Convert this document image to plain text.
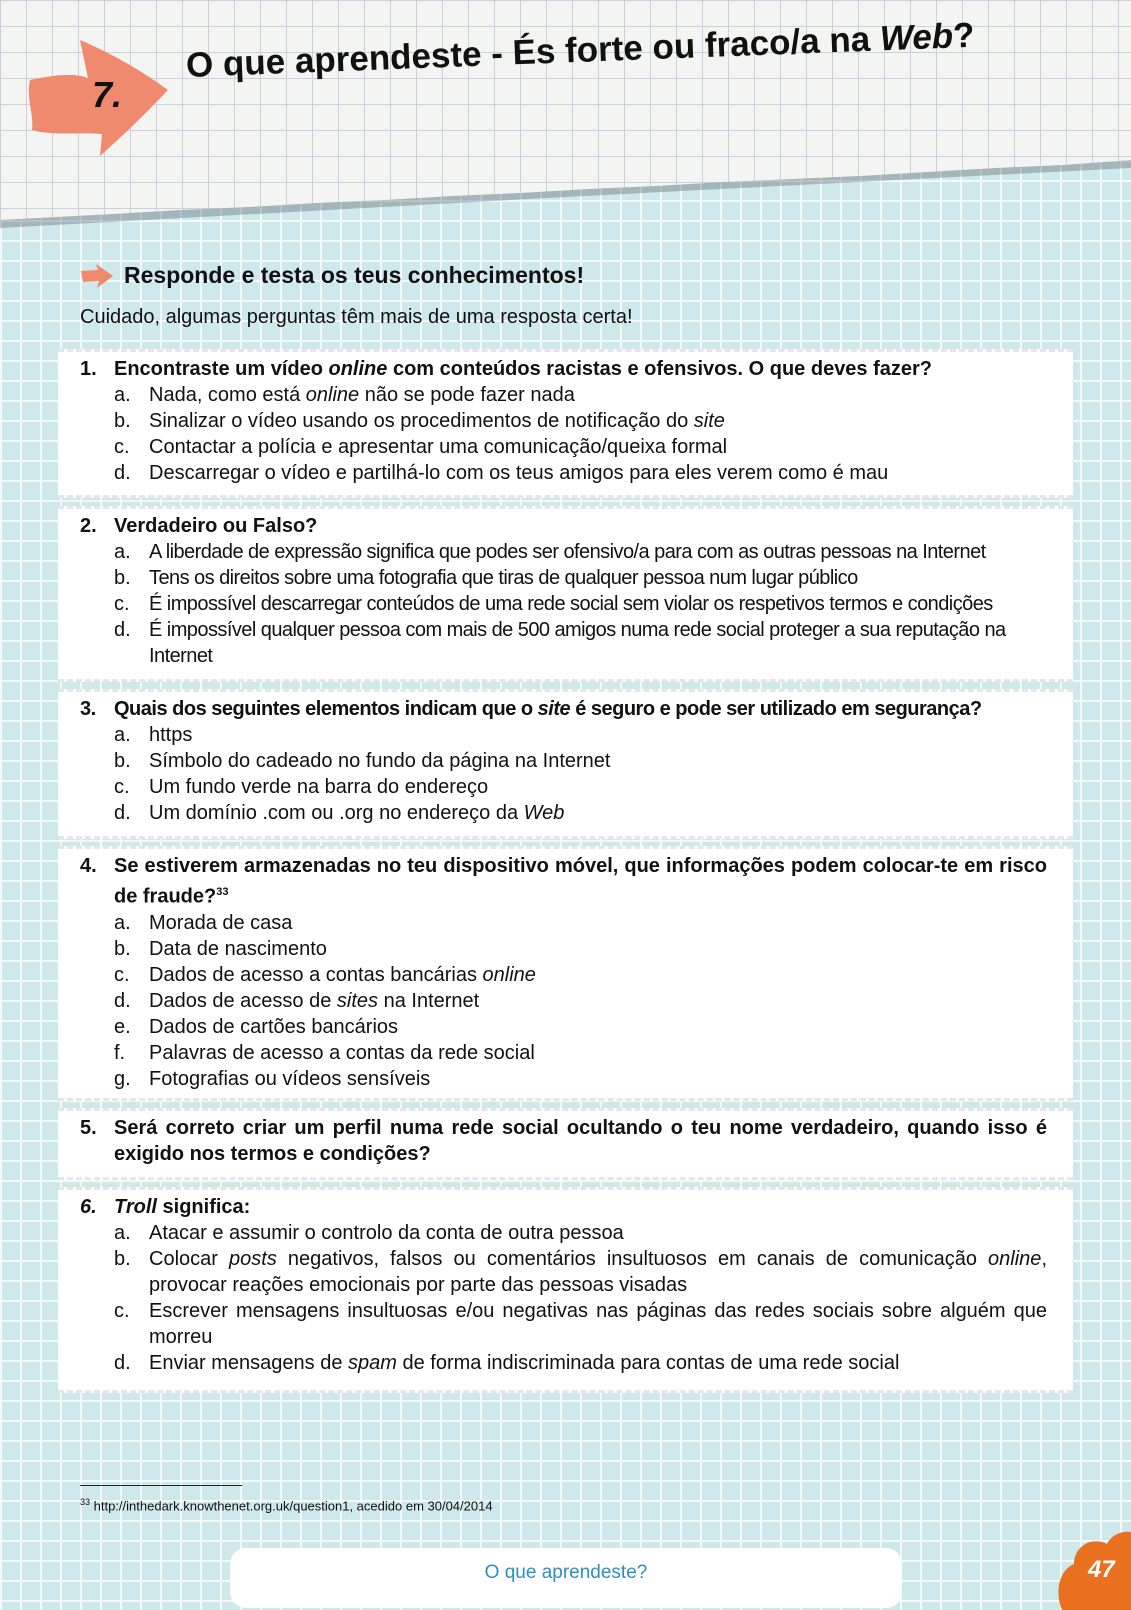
7.
O que aprendeste - És forte ou fraco/a na Web?
Responde e testa os teus conhecimentos!
Cuidado, algumas perguntas têm mais de uma resposta certa!
1. Encontraste um vídeo online com conteúdos racistas e ofensivos. O que deves fazer?
a. Nada, como está online não se pode fazer nada
b. Sinalizar o vídeo usando os procedimentos de notificação do site
c. Contactar a polícia e apresentar uma comunicação/queixa formal
d. Descarregar o vídeo e partilhá-lo com os teus amigos para eles verem como é mau
2. Verdadeiro ou Falso?
a. A liberdade de expressão significa que podes ser ofensivo/a para com as outras pessoas na Internet
b. Tens os direitos sobre uma fotografia que tiras de qualquer pessoa num lugar público
c. É impossível descarregar conteúdos de uma rede social sem violar os respetivos termos e condições
d. É impossível qualquer pessoa com mais de 500 amigos numa rede social proteger a sua reputação na Internet
3. Quais dos seguintes elementos indicam que o site é seguro e pode ser utilizado em segurança?
a. https
b. Símbolo do cadeado no fundo da página na Internet
c. Um fundo verde na barra do endereço
d. Um domínio .com ou .org no endereço da Web
4. Se estiverem armazenadas no teu dispositivo móvel, que informações podem colocar-te em risco de fraude?$^{33}$
a. Morada de casa
b. Data de nascimento
c. Dados de acesso a contas bancárias online
d. Dados de acesso de sites na Internet
e. Dados de cartões bancários
f.	Palavras de acesso a contas da rede social
g. Fotografias ou vídeos sensíveis
5. Será correto criar um perfil numa rede social ocultando o teu nome verdadeiro, quando isso é exigido nos termos e condições?
6. Troll significa:
a. Atacar e assumir o controlo da conta de outra pessoa
b. Colocar posts negativos, falsos ou comentários insultuosos em canais de comunicação online, provocar reações emocionais por parte das pessoas visadas
c. Escrever mensagens insultuosas e/ou negativas nas páginas das redes sociais sobre alguém que morreu
d. Enviar mensagens de spam de forma indiscriminada para contas de uma rede social
$^{33}$ http://inthedark.knowthenet.org.uk/question1, acedido em 30/04/2014
O que aprendeste?	47
